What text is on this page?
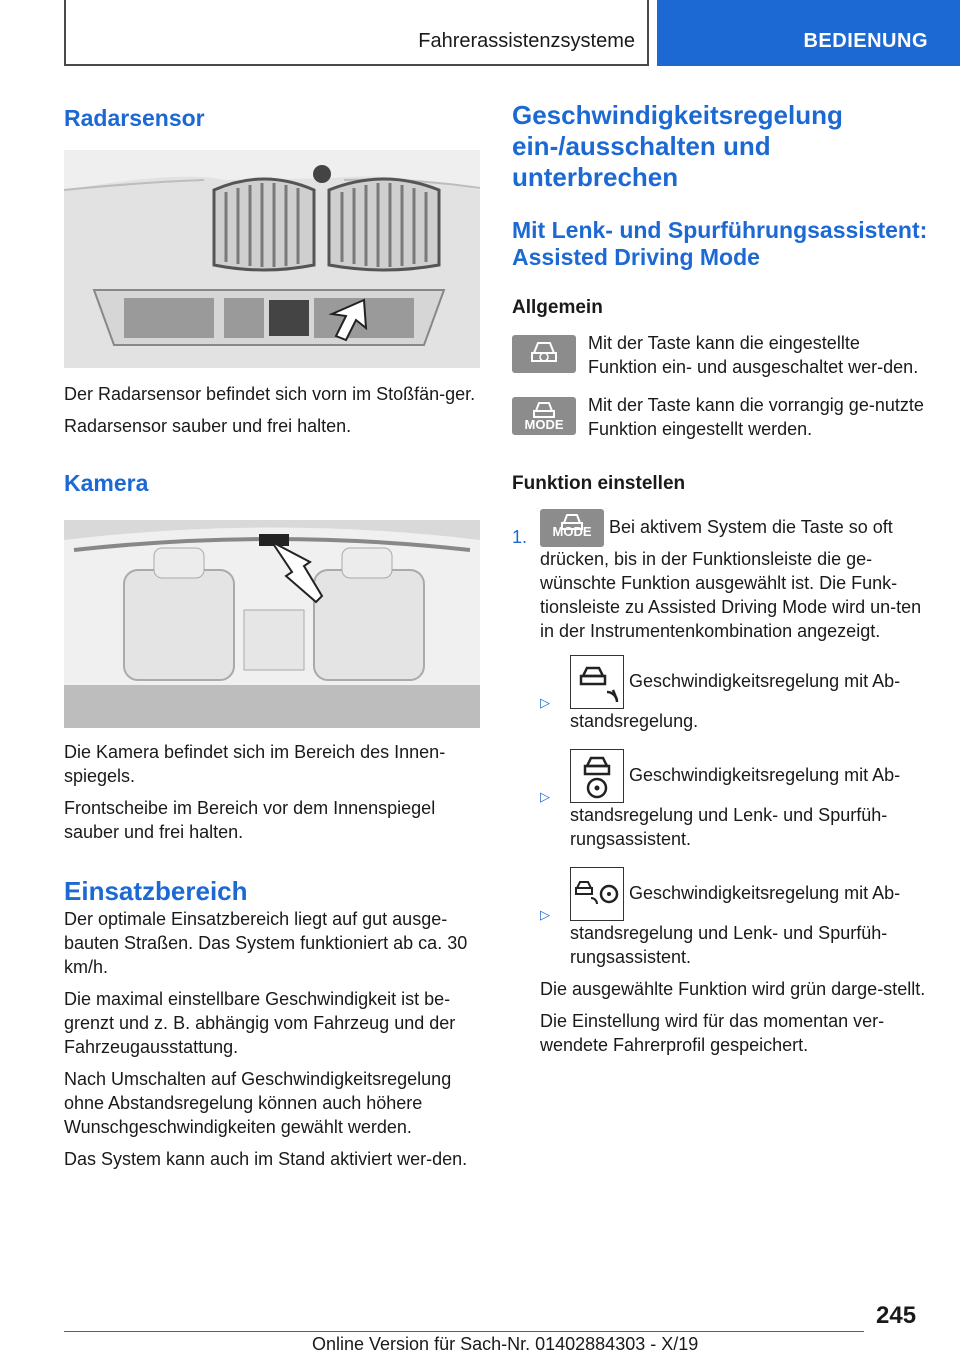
Fahrerassistenzsysteme	BEDIENUNG
Radarsensor
Der Radarsensor befindet sich vorn im Stoßfän-ger.
Radarsensor sauber und frei halten.
Kamera
Die Kamera befindet sich im Bereich des Innen-spiegels.
Frontscheibe im Bereich vor dem Innenspiegel sauber und frei halten.
Einsatzbereich
Der optimale Einsatzbereich liegt auf gut ausge-bauten Straßen. Das System funktioniert ab ca. 30 km/h.
Die maximal einstellbare Geschwindigkeit ist be-grenzt und z. B. abhängig vom Fahrzeug und der Fahrzeugausstattung.
Nach Umschalten auf Geschwindigkeitsregelung ohne Abstandsregelung können auch höhere Wunschgeschwindigkeiten gewählt werden.
Das System kann auch im Stand aktiviert wer-den.
Geschwindigkeitsregelung ein-/ausschalten und unterbrechen
Mit Lenk- und Spurführungsassistent: Assisted Driving Mode
Allgemein
Mit der Taste kann die eingestellte Funktion ein- und ausgeschaltet wer-den.
MODE
Mit der Taste kann die vorrangig ge-nutzte Funktion eingestellt werden.
Funktion einstellen
1.	MODE Bei aktivem System die Taste so oft drücken, bis in der Funktionsleiste die ge-wünschte Funktion ausgewählt ist. Die Funk-tionsleiste zu Assisted Driving Mode wird un-ten in der Instrumentenkombination angezeigt.
▷
Geschwindigkeitsregelung mit Ab-standsregelung.
▷
Geschwindigkeitsregelung mit Ab-standsregelung und Lenk- und Spurfüh-rungsassistent.
▷
Geschwindigkeitsregelung mit Ab-standsregelung und Lenk- und Spurfüh-rungsassistent.
Die ausgewählte Funktion wird grün darge-stellt.
Die Einstellung wird für das momentan ver-wendete Fahrerprofil gespeichert.
245
Online Version für Sach-Nr. 01402884303 - X/19
